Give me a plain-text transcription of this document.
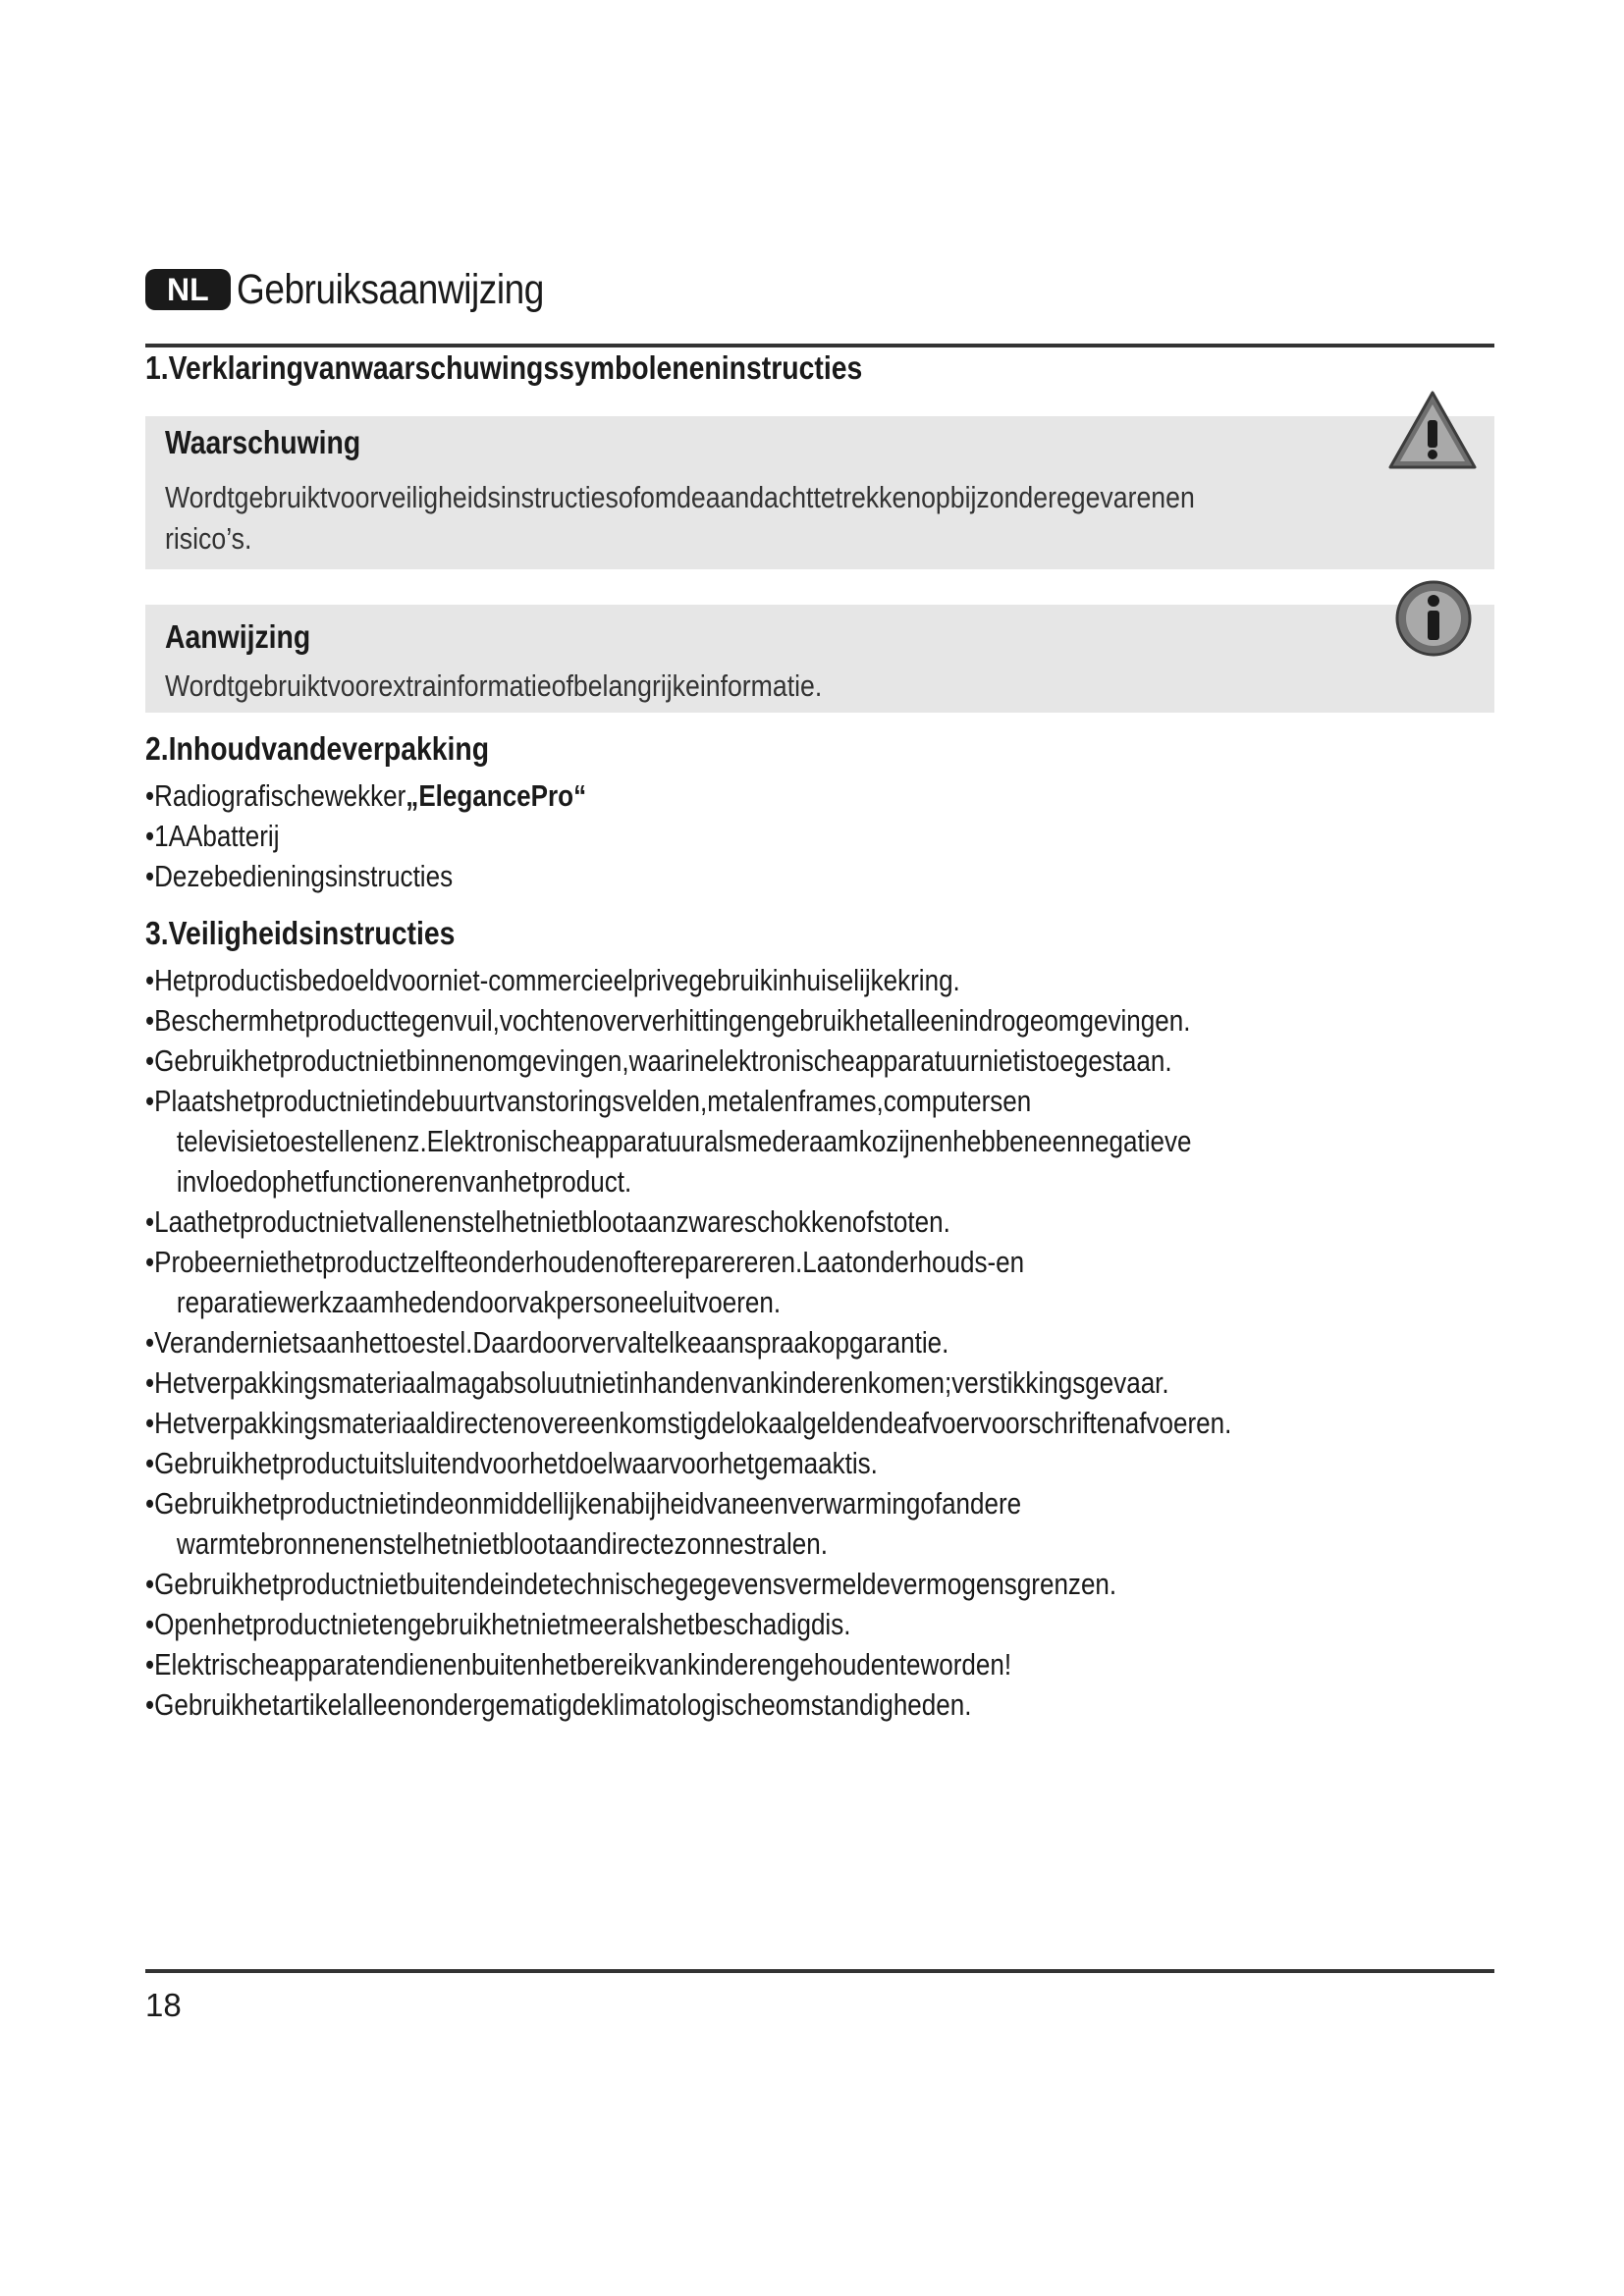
NL Gebruiksaanwijzing
1.Verklaringvanwaarschuwingssymboleneninstructies
Waarschuwing
Wordtgebruiktvoorveiligheidsinstructiesofomdeaandachttetrekkenopbijzonderegevarenen
risico’s.
Aanwijzing
Wordtgebruiktvoorextrainformatieofbelangrijkeinformatie.
2.Inhoudvandeverpakking
•Radiografischewekker„ElegancePro“
•1AAbatterij
•Dezebedieningsinstructies
3.Veiligheidsinstructies
•Hetproductisbedoeldvoorniet-commercieelprivegebruikinhuiselijkekring.
•Beschermhetproducttegenvuil,vochtenoververhittingengebruikhetalleenindrogeomgevingen.
•Gebruikhetproductnietbinnenomgevingen,waarinelektronischeapparatuurnietistoegestaan.
•Plaatshetproductnietindebuurtvanstoringsvelden,metalenframes,computersen
televisietoestellenenz.Elektronischeapparatuuralsmederaamkozijnenhebbeneennegatieve
invloedophetfunctionerenvanhetproduct.
•Laathetproductnietvallenenstelhetnietblootaanzwareschokkenofstoten.
•Probeerniethetproductzelfteonderhoudenoftereparereren.Laatonderhouds-en
reparatiewerkzaamhedendoorvakpersoneeluitvoeren.
•Verandernietsaanhettoestel.Daardoorvervaltelkeaanspraakopgarantie.
•Hetverpakkingsmateriaalmagabsoluutnietinhandenvankinderenkomen;verstikkingsgevaar.
•Hetverpakkingsmateriaaldirectenovereenkomstigdelokaalgeldendeafvoervoorschriftenafvoeren.
•Gebruikhetproductuitsluitendvoorhetdoelwaarvoorhetgemaaktis.
•Gebruikhetproductnietindeonmiddellijkenabijheidvaneenverwarmingofandere
warmtebronnenenstelhetnietblootaandirectezonnestralen.
•Gebruikhetproductnietbuitendeindetechnischegegevensvermeldevermogensgrenzen.
•Openhetproductnietengebruikhetnietmeeralshetbeschadigdis.
•Elektrischeapparatendienenbuitenhetbereikvankinderengehoudenteworden!
•Gebruikhetartikelalleenondergematigdeklimatologischeomstandigheden.
18
